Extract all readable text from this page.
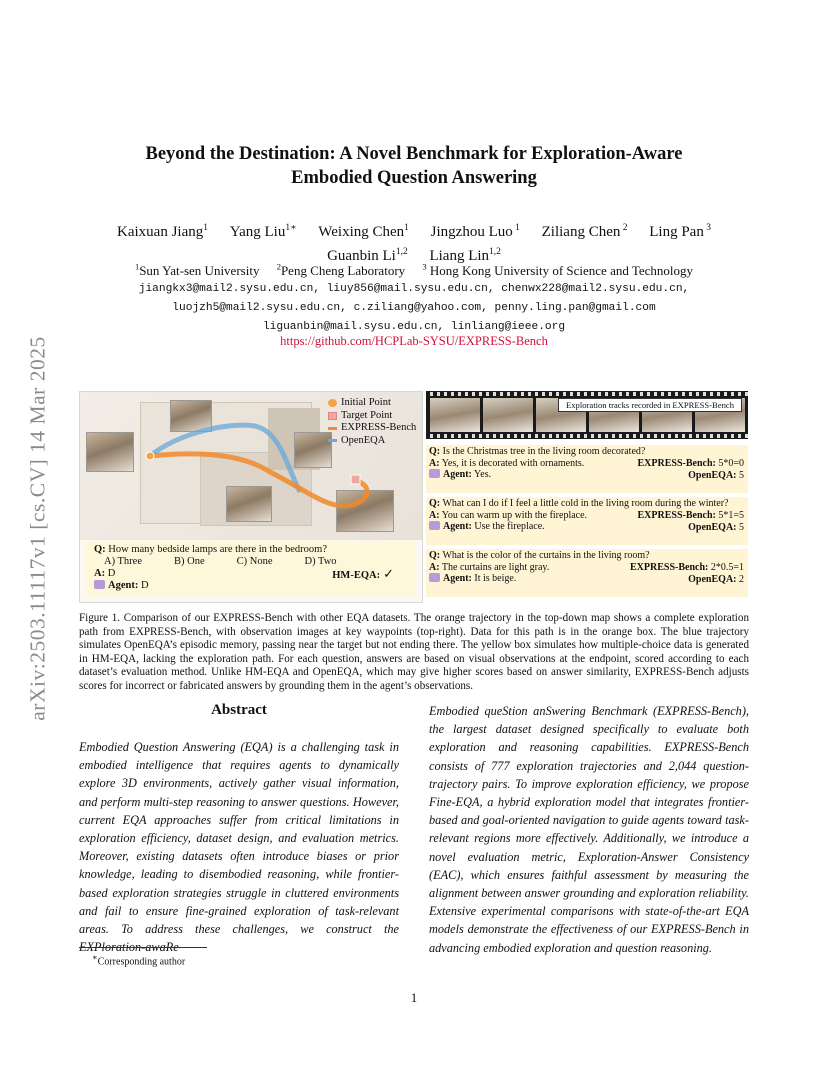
arXiv:2503.11117v1 [cs.CV] 14 Mar 2025
Beyond the Destination: A Novel Benchmark for Exploration-Aware
Embodied Question Answering
Kaixuan Jiang$^1$ Yang Liu$^{1∗}$ Weixing Chen$^1$ Jingzhou Luo $^1$ Ziliang Chen $^2$ Ling Pan $^3$
Guanbin Li$^{1,2}$ Liang Lin$^{1,2}$
$^1$Sun Yat-sen University $^2$Peng Cheng Laboratory $^3$ Hong Kong University of Science and Technology
jiangkx3@mail2.sysu.edu.cn, liuy856@mail.sysu.edu.cn, chenwx228@mail2.sysu.edu.cn,
luojzh5@mail2.sysu.edu.cn, c.ziliang@yahoo.com, penny.ling.pan@gmail.com
liguanbin@mail.sysu.edu.cn, linliang@ieee.org
https://github.com/HCPLab-SYSU/EXPRESS-Bench
Initial Point
Target Point
EXPRESS-Bench
OpenEQA
Q: How many bedside lamps are there in the bedroom?
A) Three	B) One	C) None	D) Two
A: D
Agent: D
HM-EQA: ✓
Exploration tracks recorded in EXPRESS-Bench
Q: Is the Christmas tree in the living room decorated?
A: Yes, it is decorated with ornaments.
Agent: Yes.
EXPRESS-Bench: 5*0=0
OpenEQA: 5
Q: What can I do if I feel a little cold in the living room during the winter?
A: You can warm up with the fireplace.
Agent: Use the fireplace.
EXPRESS-Bench: 5*1=5
OpenEQA: 5
Q: What is the color of the curtains in the living room?
A: The curtains are light gray.
Agent: It is beige.
EXPRESS-Bench: 2*0.5=1
OpenEQA: 2
Figure 1. Comparison of our EXPRESS-Bench with other EQA datasets. The orange trajectory in the top-down map shows a complete exploration path from EXPRESS-Bench, with observation images at key waypoints (top-right). Data for this path is in the orange box. The blue trajectory simulates OpenEQA’s episodic memory, passing near the target but not ending there. The yellow box simulates how multiple-choice data is generated in HM-EQA, lacking the exploration path. For each question, answers are based on visual observations at the endpoint, scored according to each dataset’s evaluation method. Unlike HM-EQA and OpenEQA, which may give higher scores based on answer similarity, EXPRESS-Bench adjusts scores for incorrect or fabricated answers by grounding them in the agent’s observations.
Abstract
Embodied Question Answering (EQA) is a challenging task in embodied intelligence that requires agents to dynamically explore 3D environments, actively gather visual information, and perform multi-step reasoning to answer questions. However, current EQA approaches suffer from critical limitations in exploration efficiency, dataset design, and evaluation metrics. Moreover, existing datasets often introduce biases or prior knowledge, leading to disembodied reasoning, while frontier-based exploration strategies struggle in cluttered environments and fail to ensure fine-grained exploration of task-relevant areas. To address these challenges, we construct the EXPloration-awaRe
Embodied queStion anSwering Benchmark (EXPRESS-Bench), the largest dataset designed specifically to evaluate both exploration and reasoning capabilities. EXPRESS-Bench consists of 777 exploration trajectories and 2,044 question-trajectory pairs. To improve exploration efficiency, we propose Fine-EQA, a hybrid exploration model that integrates frontier-based and goal-oriented navigation to guide agents toward task-relevant regions more effectively. Additionally, we introduce a novel evaluation metric, Exploration-Answer Consistency (EAC), which ensures faithful assessment by measuring the alignment between answer grounding and exploration reliability. Extensive experimental comparisons with state-of-the-art EQA models demonstrate the effectiveness of our EXPRESS-Bench in advancing embodied exploration and question reasoning.
∗Corresponding author
1
